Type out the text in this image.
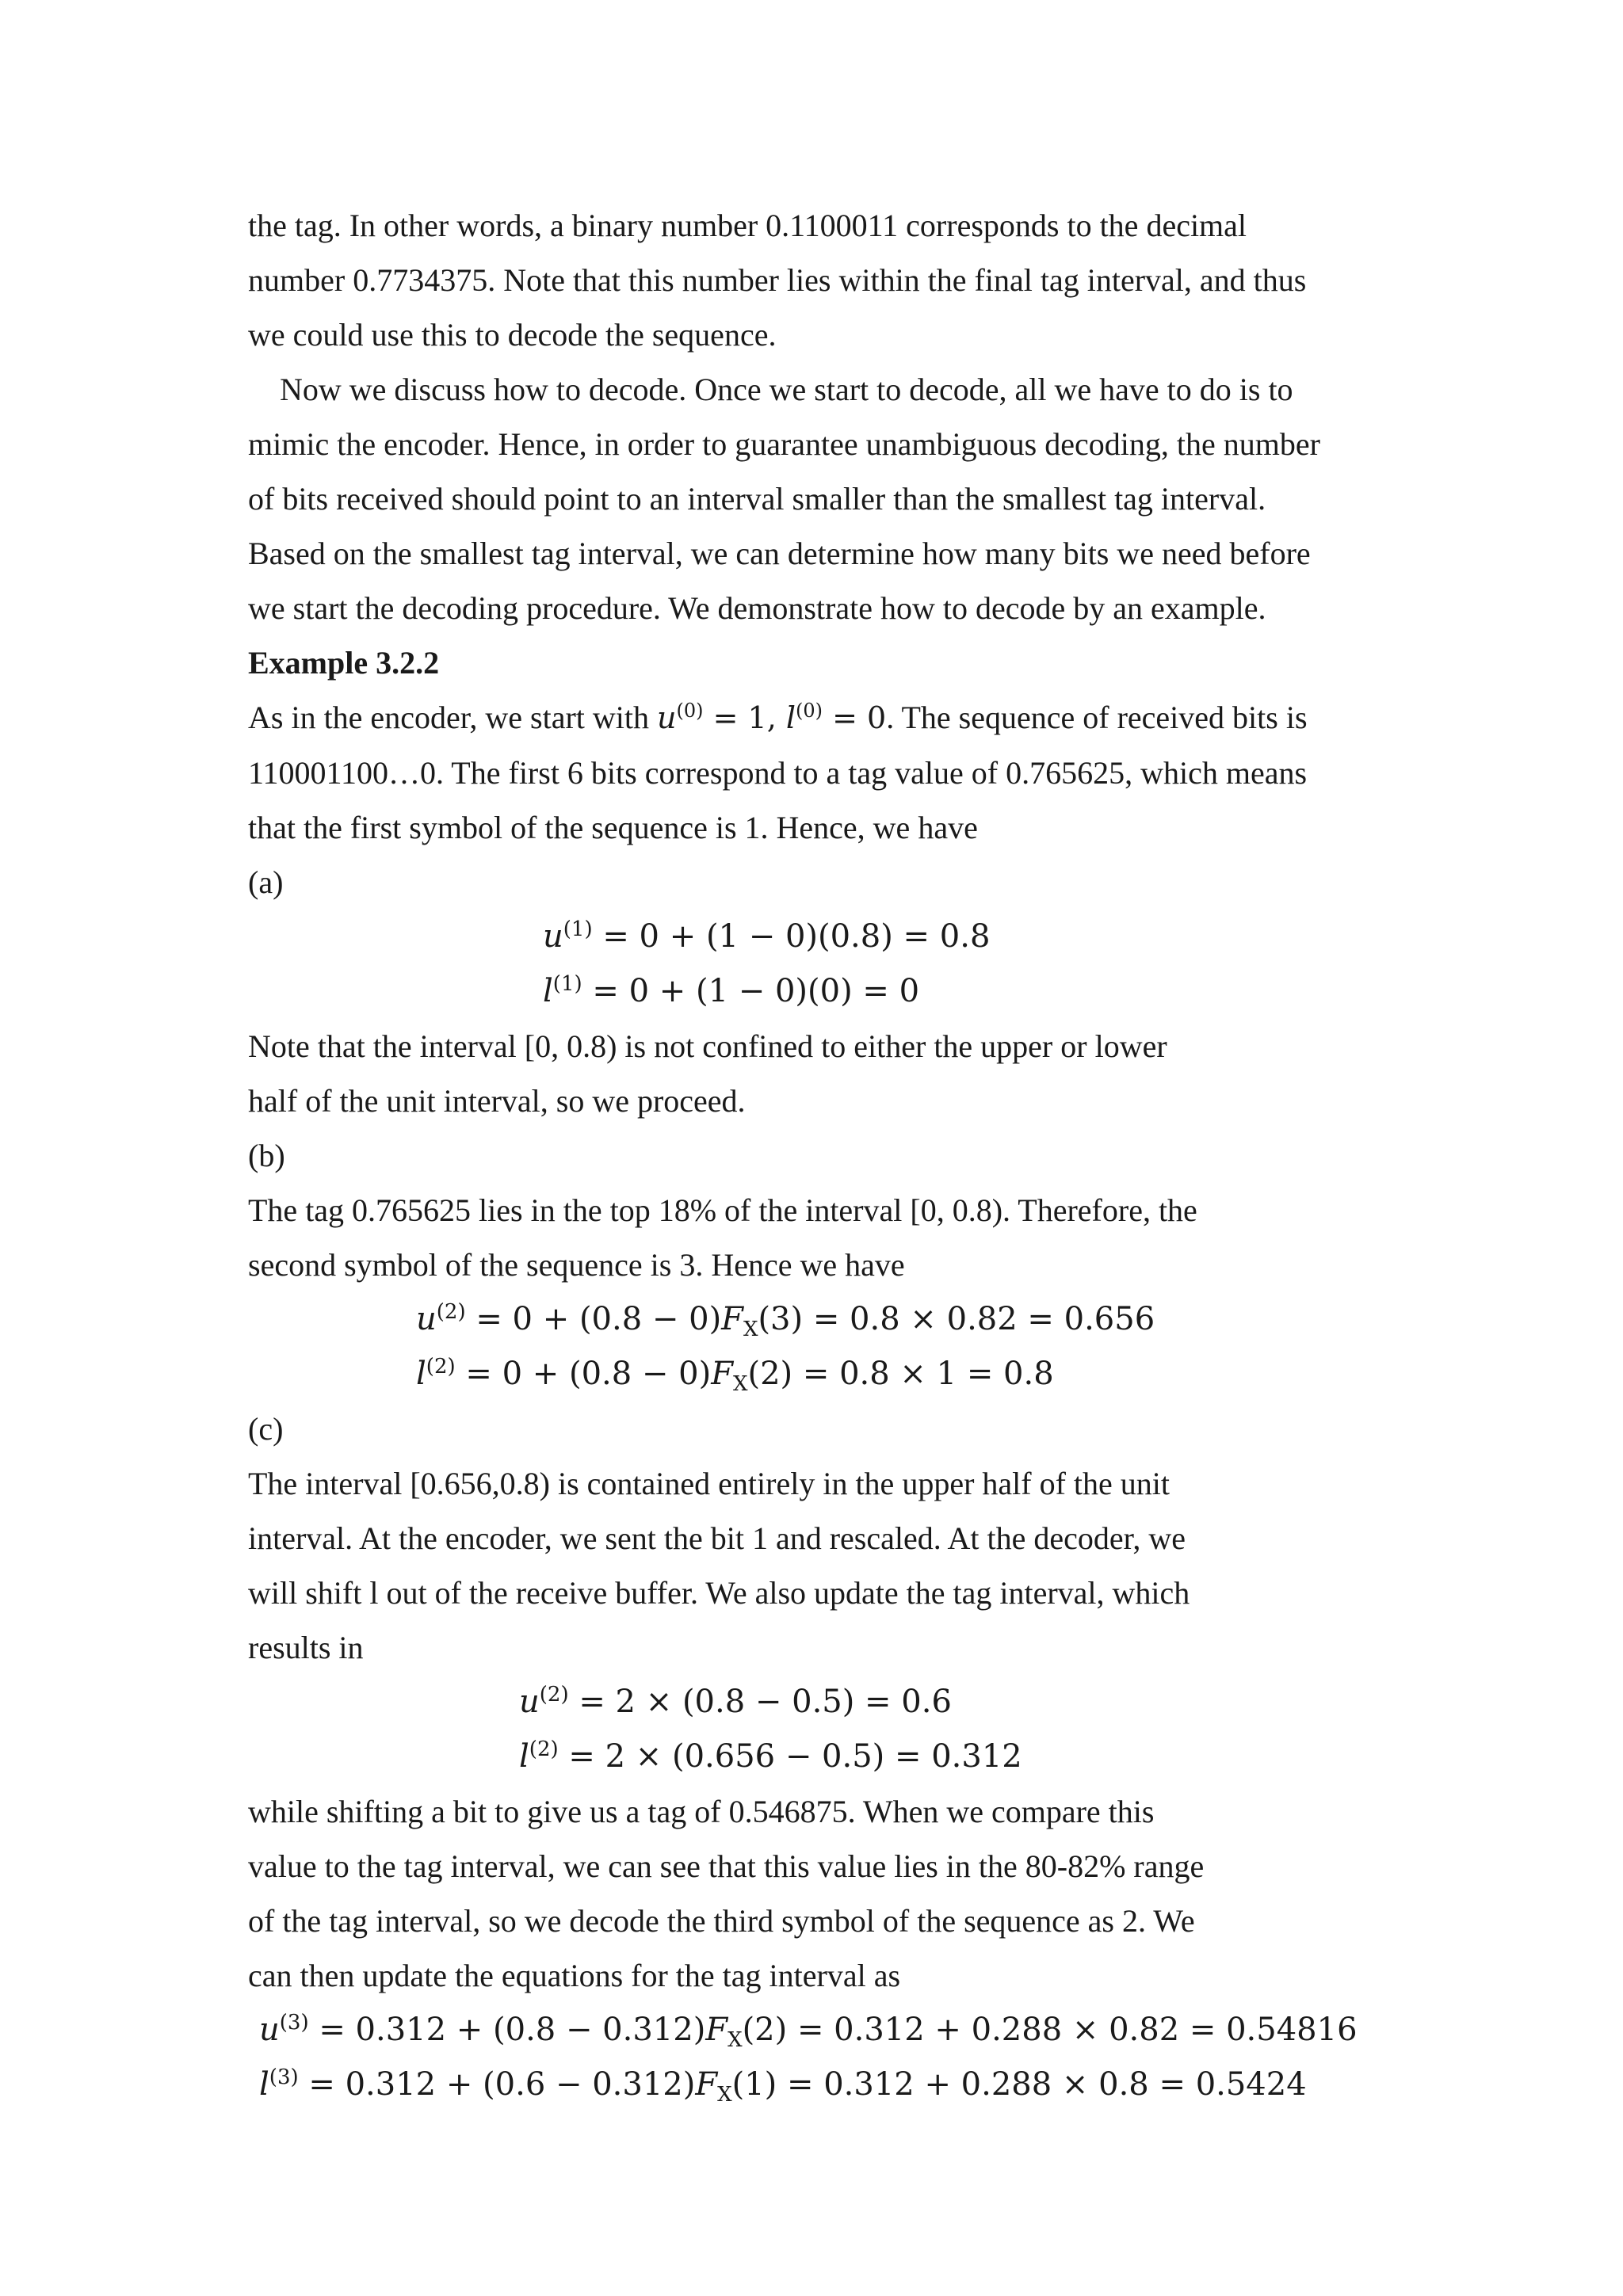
the tag. In other words, a binary number 0.1100011 corresponds to the decimal

number 0.7734375. Note that this number lies within the final tag interval, and thus

we could use this to decode the sequence.

Now we discuss how to decode. Once we start to decode, all we have to do is to

mimic the encoder. Hence, in order to guarantee unambiguous decoding, the number

of bits received should point to an interval smaller than the smallest tag interval.

Based on the smallest tag interval, we can determine how many bits we need before

we start the decoding procedure. We demonstrate how to decode by an example.

Example 3.2.2

As in the encoder, we start with $u^{(0)} = 1$, $l^{(0)} = 0$. The sequence of received bits is

110001100…0. The first 6 bits correspond to a tag value of 0.765625, which means

that the first symbol of the sequence is 1. Hence, we have

(a)

$u^{(1)} = 0 + (1 - 0)(0.8) = 0.8$

$l^{(1)} = 0 + (1 - 0)(0) = 0$

Note that the interval [0, 0.8) is not confined to either the upper or lower

half of the unit interval, so we proceed.

(b)

The tag 0.765625 lies in the top 18% of the interval [0, 0.8). Therefore, the

second symbol of the sequence is 3. Hence we have

$u^{(2)} = 0 + (0.8 - 0)F_X(3) = 0.8 \times 0.82 = 0.656$

$l^{(2)} = 0 + (0.8 - 0)F_X(2) = 0.8 \times 1 = 0.8$

(c)

The interval [0.656,0.8) is contained entirely in the upper half of the unit

interval. At the encoder, we sent the bit 1 and rescaled. At the decoder, we

will shift l out of the receive buffer. We also update the tag interval, which

results in

$u^{(2)} = 2 \times (0.8 - 0.5) = 0.6$

$l^{(2)} = 2 \times (0.656 - 0.5) = 0.312$

while shifting a bit to give us a tag of 0.546875. When we compare this

value to the tag interval, we can see that this value lies in the 80-82% range

of the tag interval, so we decode the third symbol of the sequence as 2. We

can then update the equations for the tag interval as

$u^{(3)} = 0.312 + (0.8 - 0.312)F_X(2) = 0.312 + 0.288 \times 0.82 = 0.54816$

$l^{(3)} = 0.312 + (0.6 - 0.312)F_X(1) = 0.312 + 0.288 \times 0.8 = 0.5424$
